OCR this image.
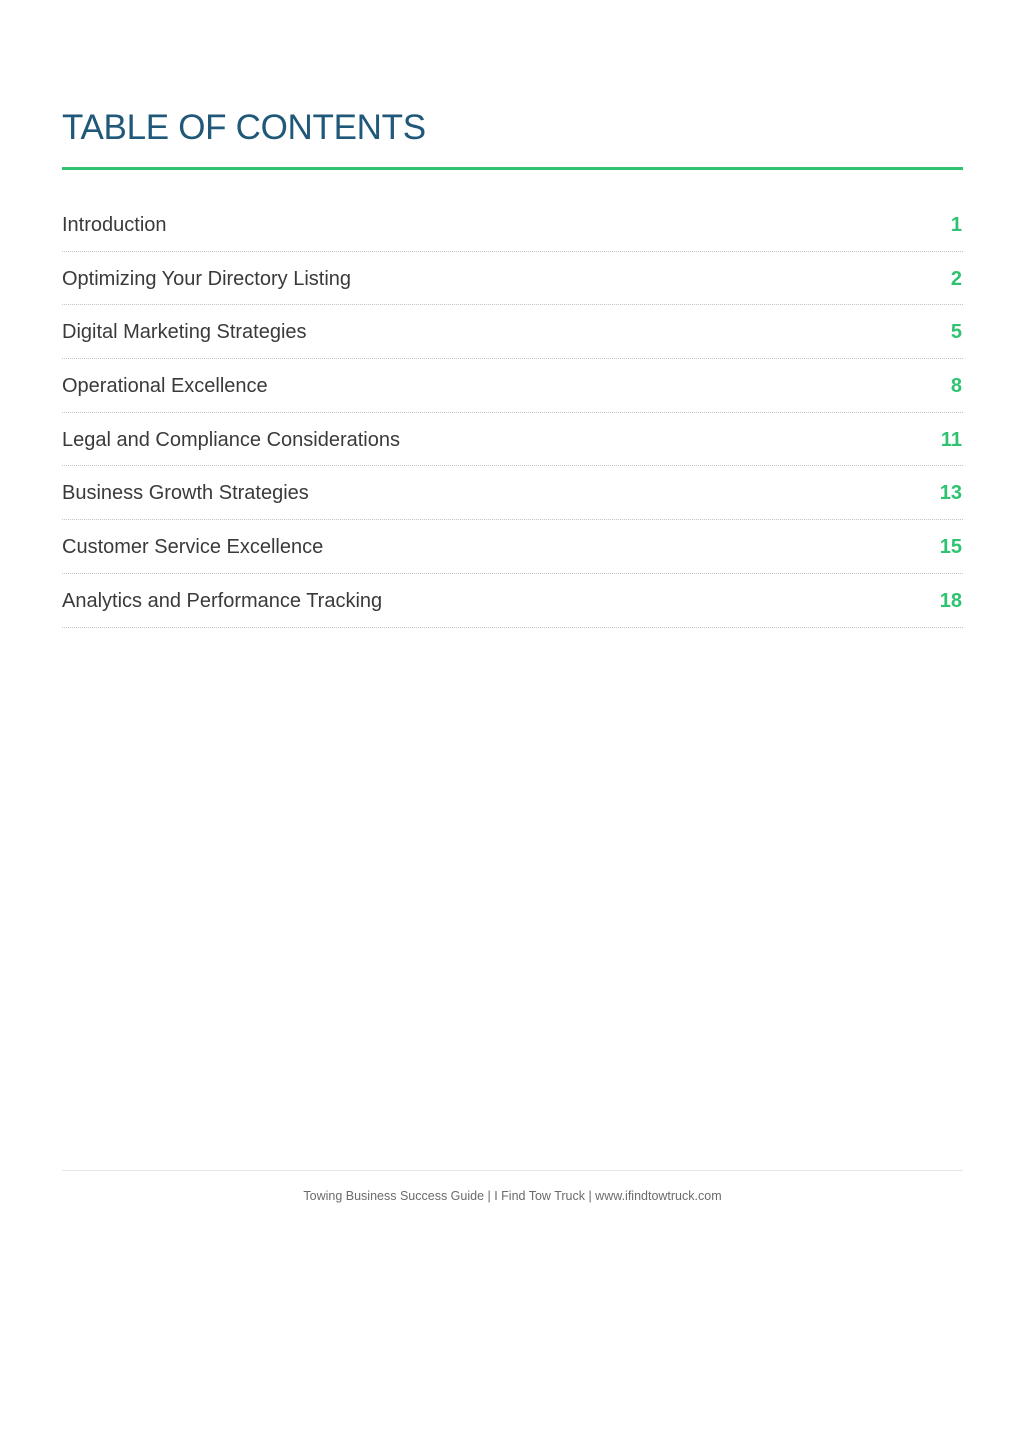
TABLE OF CONTENTS
Introduction	1
Optimizing Your Directory Listing	2
Digital Marketing Strategies	5
Operational Excellence	8
Legal and Compliance Considerations	11
Business Growth Strategies	13
Customer Service Excellence	15
Analytics and Performance Tracking	18
Towing Business Success Guide | I Find Tow Truck | www.ifindtowtruck.com
